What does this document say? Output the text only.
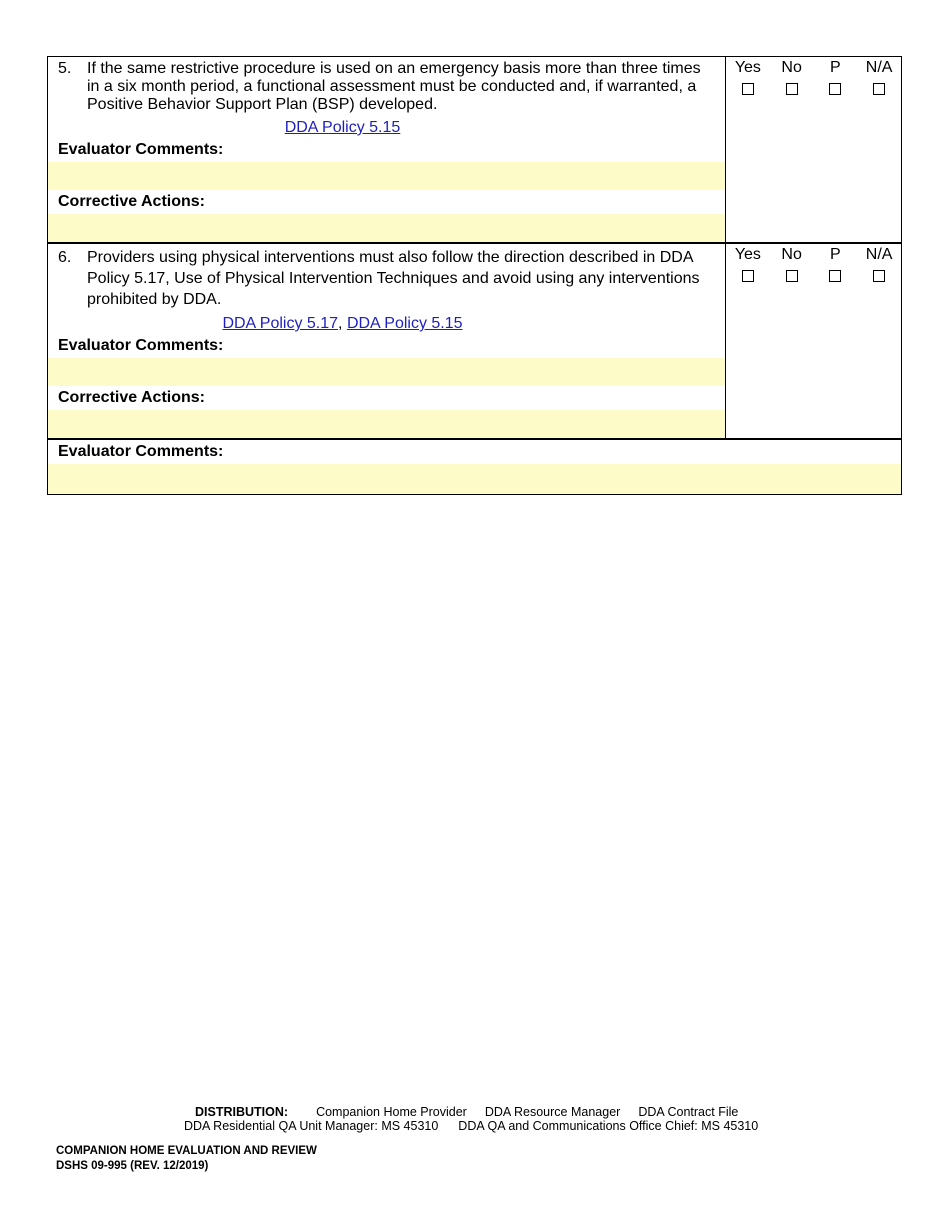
5. If the same restrictive procedure is used on an emergency basis more than three times in a six month period, a functional assessment must be conducted and, if warranted, a Positive Behavior Support Plan (BSP) developed.
DDA Policy 5.15
Evaluator Comments:
Corrective Actions:
Yes	No	P	N/A
6. Providers using physical interventions must also follow the direction described in DDA Policy 5.17, Use of Physical Intervention Techniques and avoid using any interventions prohibited by DDA.
DDA Policy 5.17, DDA Policy 5.15
Evaluator Comments:
Corrective Actions:
Yes	No	P	N/A
Evaluator Comments:
DISTRIBUTION: Companion Home Provider DDA Resource Manager DDA Contract File
DDA Residential QA Unit Manager: MS 45310 DDA QA and Communications Office Chief: MS 45310
COMPANION HOME EVALUATION AND REVIEW
DSHS 09-995 (REV. 12/2019)
